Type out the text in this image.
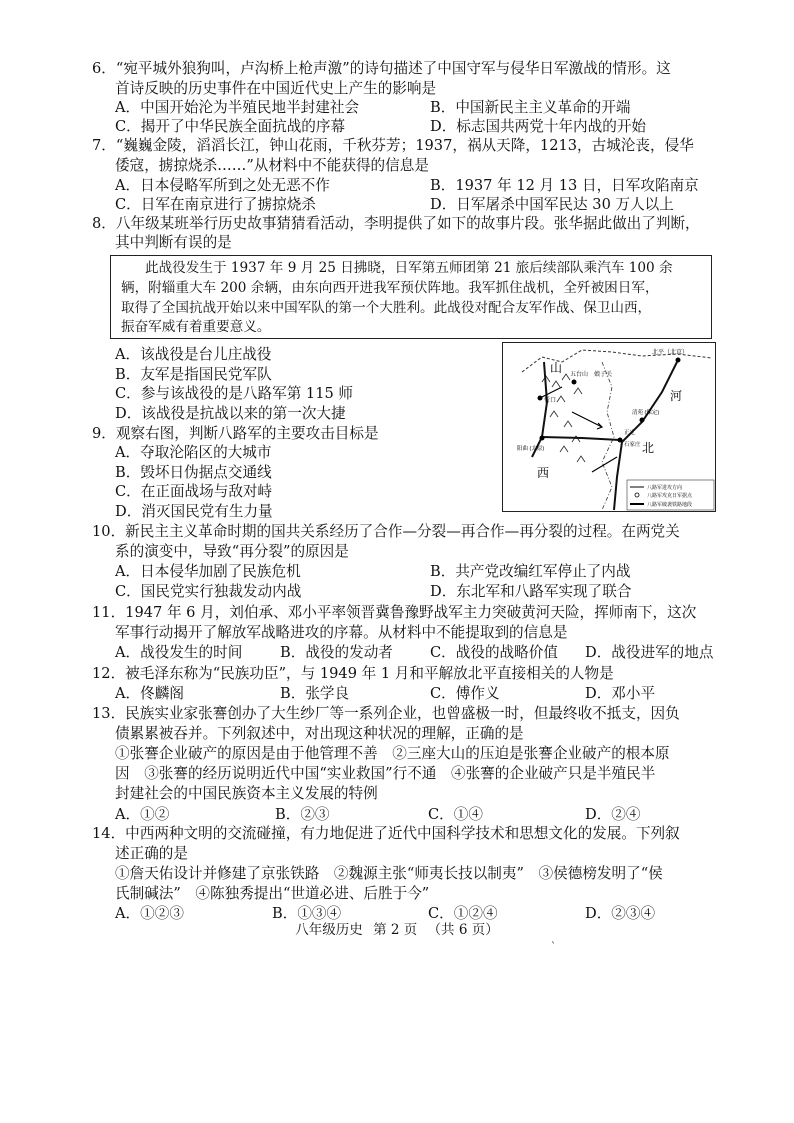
6．“宛平城外狼狗叫，卢沟桥上枪声激”的诗句描述了中国守军与侵华日军激战的情形。这
首诗反映的历史事件在中国近代史上产生的影响是
A．中国开始沦为半殖民地半封建社会	B．中国新民主主义革命的开端
C．揭开了中华民族全面抗战的序幕	D．标志国共两党十年内战的开始
7．“巍巍金陵，滔滔长江，钟山花雨，千秋芬芳；1937，祸从天降，1213，古城沦丧，侵华
倭寇，掳掠烧杀……”从材料中不能获得的信息是
A．日本侵略军所到之处无恶不作	B．1937 年 12 月 13 日，日军攻陷南京
C．日军在南京进行了掳掠烧杀	D．日军屠杀中国军民达 30 万人以上
8．八年级某班举行历史故事猜猜看活动，李明提供了如下的故事片段。张华据此做出了判断，
其中判断有误的是
此战役发生于 1937 年 9 月 25 日拂晓，日军第五师团第 21 旅后续部队乘汽车 100 余
辆，附辎重大车 200 余辆，由东向西开进我军预伏阵地。我军抓住战机，全歼被困日军，
取得了全国抗战开始以来中国军队的第一个大胜利。此战役对配合友军作战、保卫山西，
振奋军威有着重要意义。
A．该战役是台儿庄战役
B．友军是指国民党军队
C．参与该战役的是八路军第 115 师
D．该战役是抗战以来的第一次大捷
9．观察右图，判断八路军的主要攻击目标是
A．夺取沦陷区的大城市
B．毁坏日伪据点交通线
C．在正面战场与敌对峙
D．消灭国民党有生力量
北平（北京）
山
河
五台山 娘子关
忻口
清苑 (保定)
阳曲 (太原)
正定
石家庄
西
北
八路军进攻方向
八路军攻克日军据点
八路军破袭铁路地段
10．新民主主义革命时期的国共关系经历了合作—分裂—再合作—再分裂的过程。在两党关
系的演变中，导致“再分裂”的原因是
A．日本侵华加剧了民族危机	B．共产党改编红军停止了内战
C．国民党实行独裁发动内战	D．东北军和八路军实现了联合
11．1947 年 6 月，刘伯承、邓小平率领晋冀鲁豫野战军主力突破黄河天险，挥师南下，这次
军事行动揭开了解放军战略进攻的序幕。从材料中不能提取到的信息是
A．战役发生的时间	B．战役的发动者	C．战役的战略价值 D．战役进军的地点
12．被毛泽东称为“民族功臣”，与 1949 年 1 月和平解放北平直接相关的人物是
A．佟麟阁	B．张学良	C．傅作义	D．邓小平
13．民族实业家张謇创办了大生纱厂等一系列企业，也曾盛极一时，但最终收不抵支，因负
债累累被吞并。下列叙述中，对出现这种状况的理解，正确的是
①张謇企业破产的原因是由于他管理不善　②三座大山的压迫是张謇企业破产的根本原
因　③张謇的经历说明近代中国“实业救国”行不通　④张謇的企业破产只是半殖民半
封建社会的中国民族资本主义发展的特例
A．①②	B．②③	C．①④	D．②④
14．中西两种文明的交流碰撞，有力地促进了近代中国科学技术和思想文化的发展。下列叙
述正确的是
①詹天佑设计并修建了京张铁路　②魏源主张“师夷长技以制夷”　③侯德榜发明了“侯
氏制碱法”　④陈独秀提出“世道必进、后胜于今”
A．①②③	B．①③④	C．①②④	D．②③④
八年级历史 第 2 页 （共 6 页）
`
